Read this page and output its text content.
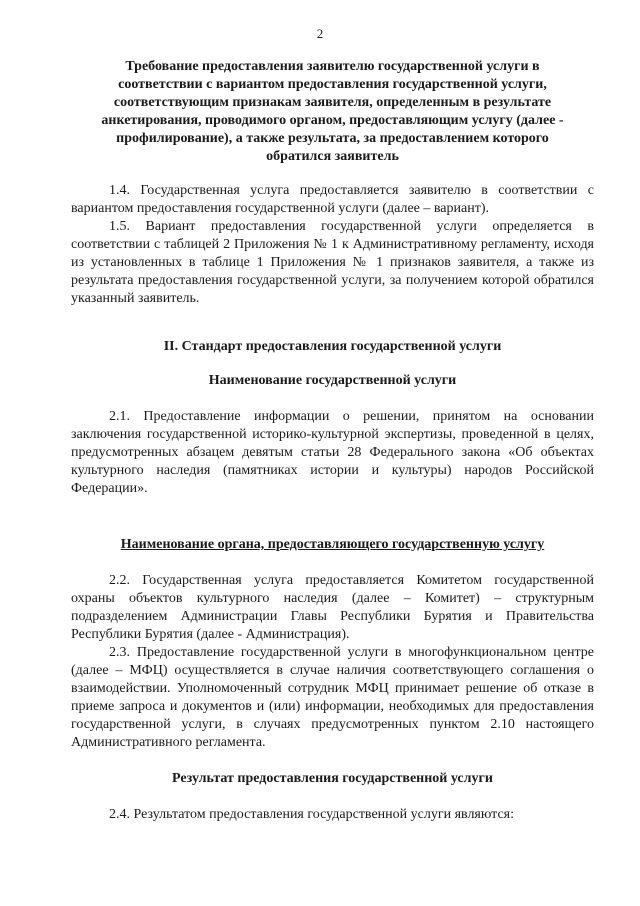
2
Требование предоставления заявителю государственной услуги в соответствии с вариантом предоставления государственной услуги, соответствующим признакам заявителя, определенным в результате анкетирования, проводимого органом, предоставляющим услугу (далее - профилирование), а также результата, за предоставлением которого обратился заявитель

1.4. Государственная услуга предоставляется заявителю в соответствии с вариантом предоставления государственной услуги (далее – вариант).

1.5. Вариант предоставления государственной услуги определяется в соответствии с таблицей 2 Приложения № 1 к Административному регламенту, исходя из установленных в таблице 1 Приложения № 1 признаков заявителя, а также из результата предоставления государственной услуги, за получением которой обратился указанный заявитель.

II. Стандарт предоставления государственной услуги
Наименование государственной услуги

2.1. Предоставление информации о решении, принятом на основании заключения государственной историко-культурной экспертизы, проведенной в целях, предусмотренных абзацем девятым статьи 28 Федерального закона «Об объектах культурного наследия (памятниках истории и культуры) народов Российской Федерации».

Наименование органа, предоставляющего государственную услугу

2.2. Государственная услуга предоставляется Комитетом государственной охраны объектов культурного наследия (далее – Комитет) – структурным подразделением Администрации Главы Республики Бурятия и Правительства Республики Бурятия (далее - Администрация).

2.3. Предоставление государственной услуги в многофункциональном центре (далее – МФЦ) осуществляется в случае наличия соответствующего соглашения о взаимодействии. Уполномоченный сотрудник МФЦ принимает решение об отказе в приеме запроса и документов и (или) информации, необходимых для предоставления государственной услуги, в случаях предусмотренных пунктом 2.10 настоящего Административного регламента.

Результат предоставления государственной услуги

2.4. Результатом предоставления государственной услуги являются:
